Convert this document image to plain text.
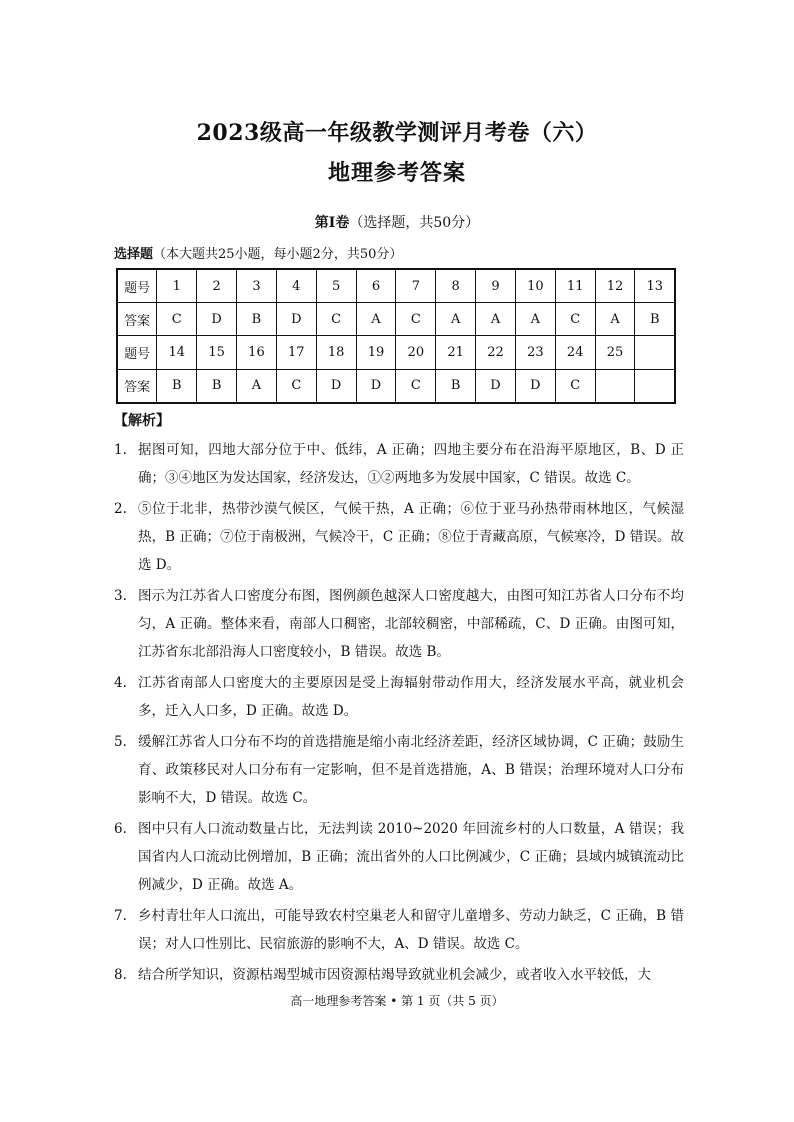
2023级高一年级教学测评月考卷（六）
地理参考答案
第Ⅰ卷（选择题，共50分）
选择题（本大题共25小题，每小题2分，共50分）
题号	1	2	3	4	5	6	7	8	9	10	11	12	13
答案	C	D	B	D	C	A	C	A	A	A	C	A	B
题号	14	15	16	17	18	19	20	21	22	23	24	25	
答案	B	B	A	C	D	D	C	B	D	D	C		
【解析】
1. 据图可知，四地大部分位于中、低纬，A 正确；四地主要分布在沿海平原地区，B、D 正确；③④地区为发达国家，经济发达，①②两地多为发展中国家，C 错误。故选 C。
2. ⑤位于北非，热带沙漠气候区，气候干热，A 正确；⑥位于亚马孙热带雨林地区，气候湿热，B 正确；⑦位于南极洲，气候冷干，C 正确；⑧位于青藏高原，气候寒冷，D 错误。故选 D。
3. 图示为江苏省人口密度分布图，图例颜色越深人口密度越大，由图可知江苏省人口分布不均匀，A 正确。整体来看，南部人口稠密，北部较稠密，中部稀疏，C、D 正确。由图可知，江苏省东北部沿海人口密度较小，B 错误。故选 B。
4. 江苏省南部人口密度大的主要原因是受上海辐射带动作用大，经济发展水平高，就业机会多，迁入人口多，D 正确。故选 D。
5. 缓解江苏省人口分布不均的首选措施是缩小南北经济差距，经济区域协调，C 正确；鼓励生育、政策移民对人口分布有一定影响，但不是首选措施，A、B 错误；治理环境对人口分布影响不大，D 错误。故选 C。
6. 图中只有人口流动数量占比，无法判读 2010~2020 年回流乡村的人口数量，A 错误；我国省内人口流动比例增加，B 正确；流出省外的人口比例减少，C 正确；县域内城镇流动比例减少，D 正确。故选 A。
7. 乡村青壮年人口流出，可能导致农村空巢老人和留守儿童增多、劳动力缺乏，C 正确，B 错误；对人口性别比、民宿旅游的影响不大，A、D 错误。故选 C。
8. 结合所学知识，资源枯竭型城市因资源枯竭导致就业机会减少，或者收入水平较低，大
高一地理参考答案 • 第 1 页（共 5 页）
